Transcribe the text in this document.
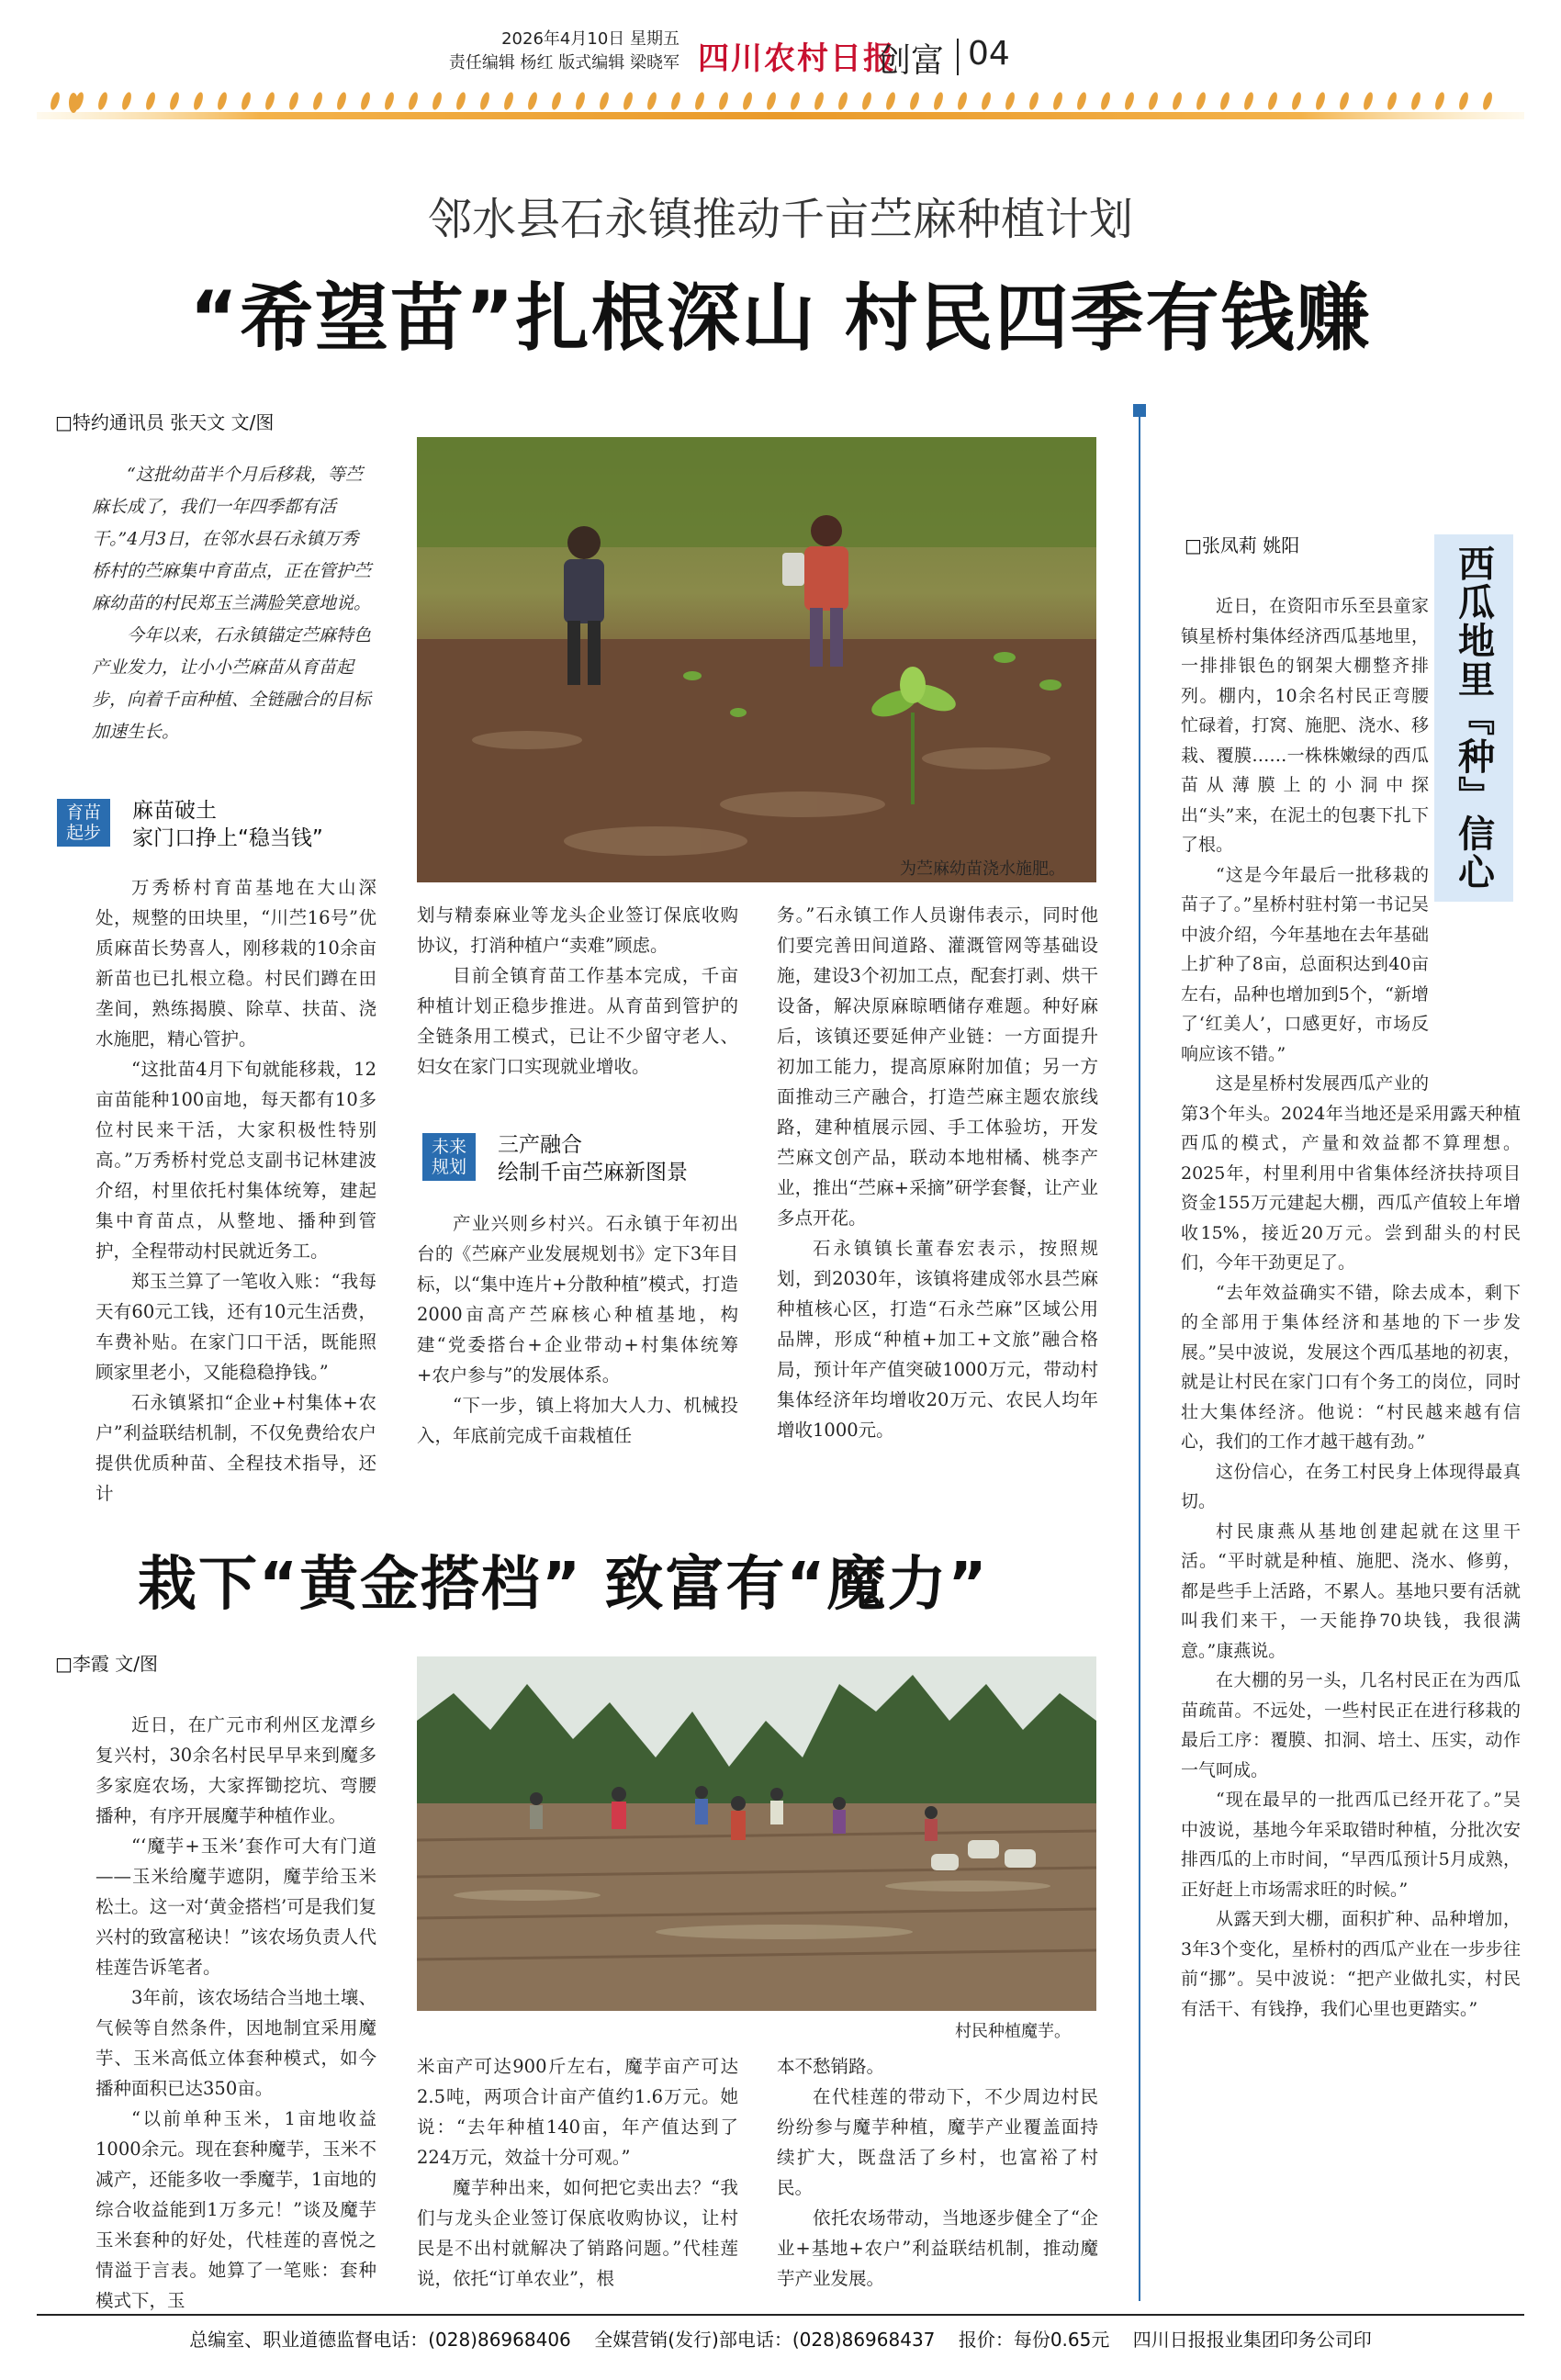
2026年4月10日 星期五
责任编辑 杨红 版式编辑 梁晓军 四川农村日报
创富 04
邻水县石永镇推动千亩苎麻种植计划
“希望苗”扎根深山 村民四季有钱赚
□特约通讯员 张天文 文/图
“这批幼苗半个月后移栽，等苎麻长成了，我们一年四季都有活干。”4月3日，在邻水县石永镇万秀桥村的苎麻集中育苗点，正在管护苎麻幼苗的村民郑玉兰满脸笑意地说。
今年以来，石永镇锚定苎麻特色产业发力，让小小苎麻苗从育苗起步，向着千亩种植、全链融合的目标加速生长。
为苎麻幼苗浇水施肥。
育苗
起步
麻苗破土
家门口挣上“稳当钱”

万秀桥村育苗基地在大山深处，规整的田块里，“川苎16号”优质麻苗长势喜人，刚移栽的10余亩新苗也已扎根立稳。村民们蹲在田垄间，熟练揭膜、除草、扶苗、浇水施肥，精心管护。

“这批苗4月下旬就能移栽，12亩苗能种100亩地，每天都有10多位村民来干活，大家积极性特别高。”万秀桥村党总支副书记林建波介绍，村里依托村集体统筹，建起集中育苗点，从整地、播种到管护，全程带动村民就近务工。

郑玉兰算了一笔收入账：“我每天有60元工钱，还有10元生活费，车费补贴。在家门口干活，既能照顾家里老小，又能稳稳挣钱。”

石永镇紧扣“企业+村集体+农户”利益联结机制，不仅免费给农户提供优质种苗、全程技术指导，还计

划与精泰麻业等龙头企业签订保底收购协议，打消种植户“卖难”顾虑。

目前全镇育苗工作基本完成，千亩种植计划正稳步推进。从育苗到管护的全链条用工模式，已让不少留守老人、妇女在家门口实现就业增收。

未来
规划
三产融合
绘制千亩苎麻新图景

产业兴则乡村兴。石永镇于年初出台的《苎麻产业发展规划书》定下3年目标，以“集中连片+分散种植”模式，打造2000亩高产苎麻核心种植基地，构建“党委搭台+企业带动+村集体统筹+农户参与”的发展体系。

“下一步，镇上将加大人力、机械投入，年底前完成千亩栽植任

务。”石永镇工作人员谢伟表示，同时他们要完善田间道路、灌溉管网等基础设施，建设3个初加工点，配套打剥、烘干设备，解决原麻晾晒储存难题。种好麻后，该镇还要延伸产业链：一方面提升初加工能力，提高原麻附加值；另一方面推动三产融合，打造苎麻主题农旅线路，建种植展示园、手工体验坊，开发苎麻文创产品，联动本地柑橘、桃李产业，推出“苎麻+采摘”研学套餐，让产业多点开花。

石永镇镇长董春宏表示，按照规划，到2030年，该镇将建成邻水县苎麻种植核心区，打造“石永苎麻”区域公用品牌，形成“种植+加工+文旅”融合格局，预计年产值突破1000万元，带动村集体经济年均增收20万元、农民人均年增收1000元。

栽下“黄金搭档” 致富有“魔力”
□李霞 文/图
村民种植魔芋。

近日，在广元市利州区龙潭乡复兴村，30余名村民早早来到魔多多家庭农场，大家挥锄挖坑、弯腰播种，有序开展魔芋种植作业。

“‘魔芋+玉米’套作可大有门道——玉米给魔芋遮阴，魔芋给玉米松土。这一对‘黄金搭档’可是我们复兴村的致富秘诀！”该农场负责人代桂莲告诉笔者。

3年前，该农场结合当地土壤、气候等自然条件，因地制宜采用魔芋、玉米高低立体套种模式，如今播种面积已达350亩。

“以前单种玉米，1亩地收益1000余元。现在套种魔芋，玉米不减产，还能多收一季魔芋，1亩地的综合收益能到1万多元！”谈及魔芋玉米套种的好处，代桂莲的喜悦之情溢于言表。她算了一笔账：套种模式下，玉

米亩产可达900斤左右，魔芋亩产可达2.5吨，两项合计亩产值约1.6万元。她说：“去年种植140亩，年产值达到了224万元，效益十分可观。”

魔芋种出来，如何把它卖出去？“我们与龙头企业签订保底收购协议，让村民是不出村就解决了销路问题。”代桂莲说，依托“订单农业”，根

本不愁销路。

在代桂莲的带动下，不少周边村民纷纷参与魔芋种植，魔芋产业覆盖面持续扩大，既盘活了乡村，也富裕了村民。

依托农场带动，当地逐步健全了“企业+基地+农户”利益联结机制，推动魔芋产业发展。

□张凤莉 姚阳	西瓜地里『种』信心

近日，在资阳市乐至县童家镇星桥村集体经济西瓜基地里，一排排银色的钢架大棚整齐排列。棚内，10余名村民正弯腰忙碌着，打窝、施肥、浇水、移栽、覆膜……一株株嫩绿的西瓜苗从薄膜上的小洞中探出“头”来，在泥土的包裹下扎下了根。

“这是今年最后一批移栽的苗子了。”星桥村驻村第一书记吴中波介绍，今年基地在去年基础上扩种了8亩，总面积达到40亩左右，品种也增加到5个，“新增了‘红美人’，口感更好，市场反响应该不错。”

这是星桥村发展西瓜产业的第3个年头。2024年当地还是采用露天种植西瓜的模式，产量和效益都不算理想。2025年，村里利用中省集体经济扶持项目资金155万元建起大棚，西瓜产值较上年增收15%，接近20万元。尝到甜头的村民们，今年干劲更足了。

“去年效益确实不错，除去成本，剩下的全部用于集体经济和基地的下一步发展。”吴中波说，发展这个西瓜基地的初衷，就是让村民在家门口有个务工的岗位，同时壮大集体经济。他说：“村民越来越有信心，我们的工作才越干越有劲。”

这份信心，在务工村民身上体现得最真切。

村民康燕从基地创建起就在这里干活。“平时就是种植、施肥、浇水、修剪，都是些手上活路，不累人。基地只要有活就叫我们来干，一天能挣70块钱，我很满意。”康燕说。

在大棚的另一头，几名村民正在为西瓜苗疏苗。不远处，一些村民正在进行移栽的最后工序：覆膜、扣洞、培土、压实，动作一气呵成。

“现在最早的一批西瓜已经开花了。”吴中波说，基地今年采取错时种植，分批次安排西瓜的上市时间，“早西瓜预计5月成熟，正好赶上市场需求旺的时候。”

从露天到大棚，面积扩种、品种增加，3年3个变化，星桥村的西瓜产业在一步步往前“挪”。吴中波说：“把产业做扎实，村民有活干、有钱挣，我们心里也更踏实。”

总编室、职业道德监督电话：(028)86968406    全媒营销(发行)部电话：(028)86968437    报价：每份0.65元    四川日报报业集团印务公司印
